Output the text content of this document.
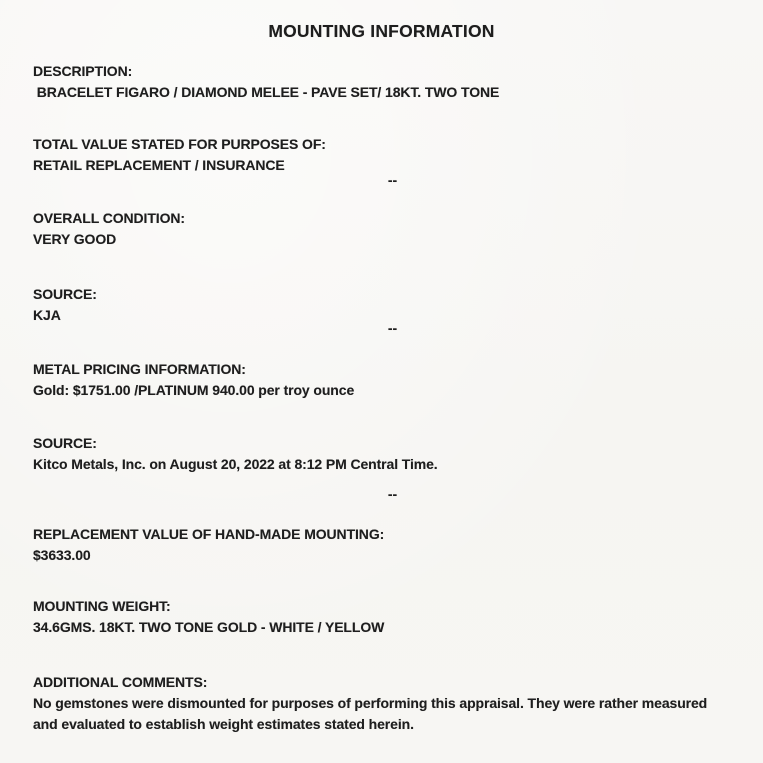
MOUNTING INFORMATION
DESCRIPTION:
BRACELET FIGARO / DIAMOND MELEE - PAVE SET/ 18KT. TWO TONE
TOTAL VALUE STATED FOR PURPOSES OF:
RETAIL REPLACEMENT / INSURANCE
--
OVERALL CONDITION:
VERY GOOD
SOURCE:
KJA
--
METAL PRICING INFORMATION:
Gold: $1751.00 /PLATINUM 940.00 per troy ounce
SOURCE:
Kitco Metals, Inc. on August 20, 2022 at 8:12 PM Central Time.
--
REPLACEMENT VALUE OF HAND-MADE MOUNTING:
$3633.00
MOUNTING WEIGHT:
34.6GMS. 18KT. TWO TONE GOLD - WHITE / YELLOW
ADDITIONAL COMMENTS:
No gemstones were dismounted for purposes of performing this appraisal. They were rather measured and evaluated to establish weight estimates stated herein.
